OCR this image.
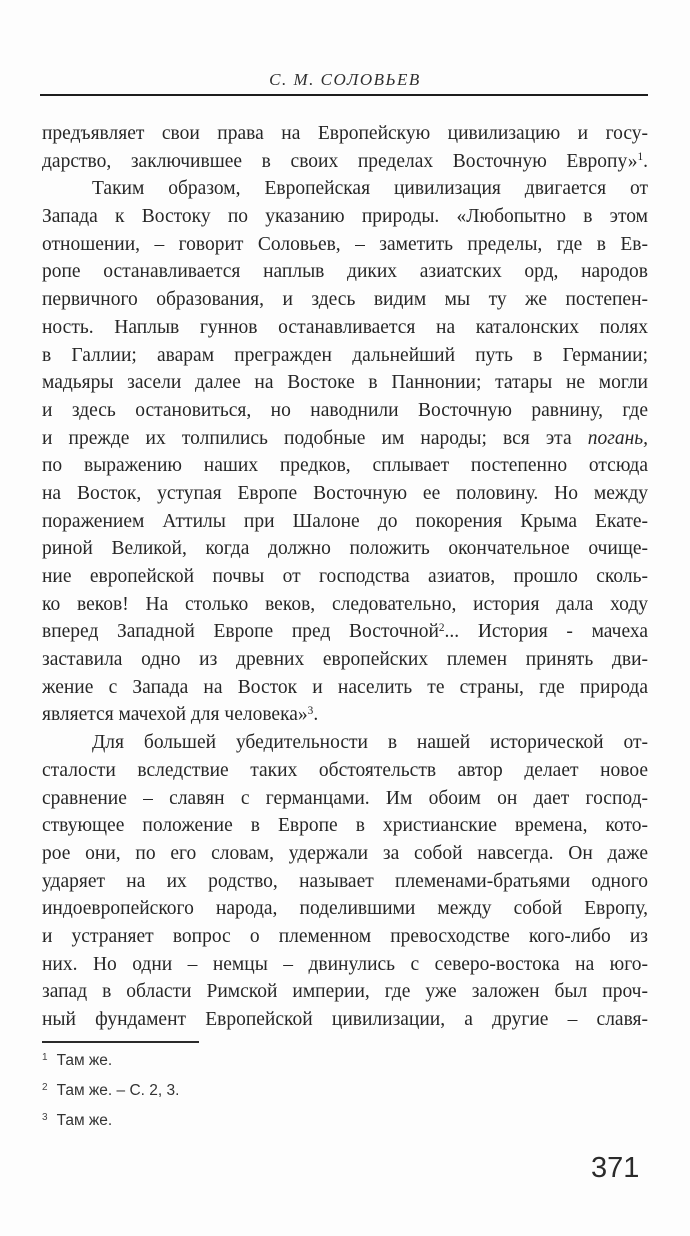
С. М. СОЛОВЬЕВ
предъявляет свои права на Европейскую цивилизацию и госу-
дарство, заключившее в своих пределах Восточную Европу»$^1$.
Таким образом, Европейская цивилизация двигается от
Запада к Востоку по указанию природы. «Любопытно в этом
отношении, – говорит Соловьев, – заметить пределы, где в Ев-
ропе останавливается наплыв диких азиатских орд, народов
первичного образования, и здесь видим мы ту же постепен-
ность. Наплыв гуннов останавливается на каталонских полях
в Галлии; аварам прегражден дальнейший путь в Германии;
мадьяры засели далее на Востоке в Паннонии; татары не могли
и здесь остановиться, но наводнили Восточную равнину, где
и прежде их толпились подобные им народы; вся эта погань,
по выражению наших предков, сплывает постепенно отсюда
на Восток, уступая Европе Восточную ее половину. Но между
поражением Аттилы при Шалоне до покорения Крыма Екате-
риной Великой, когда должно положить окончательное очище-
ние европейской почвы от господства азиатов, прошло сколь-
ко веков! На столько веков, следовательно, история дала ходу
вперед Западной Европе пред Восточной$^2$... История - мачеха
заставила одно из древних европейских племен принять дви-
жение с Запада на Восток и населить те страны, где природа
является мачехой для человека»$^3$.
Для большей убедительности в нашей исторической от-
сталости вследствие таких обстоятельств автор делает новое
сравнение – славян с германцами. Им обоим он дает господ-
ствующее положение в Европе в христианские времена, кото-
рое они, по его словам, удержали за собой навсегда. Он даже
ударяет на их родство, называет племенами-братьями одного
индоевропейского народа, поделившими между собой Европу,
и устраняет вопрос о племенном превосходстве кого-либо из
них. Но одни – немцы – двинулись с северо-востока на юго-
запад в области Римской империи, где уже заложен был проч-
ный фундамент Европейской цивилизации, а другие – славя-
$^1$ Там же.
$^2$ Там же. – С. 2, 3.
$^3$ Там же.
371
